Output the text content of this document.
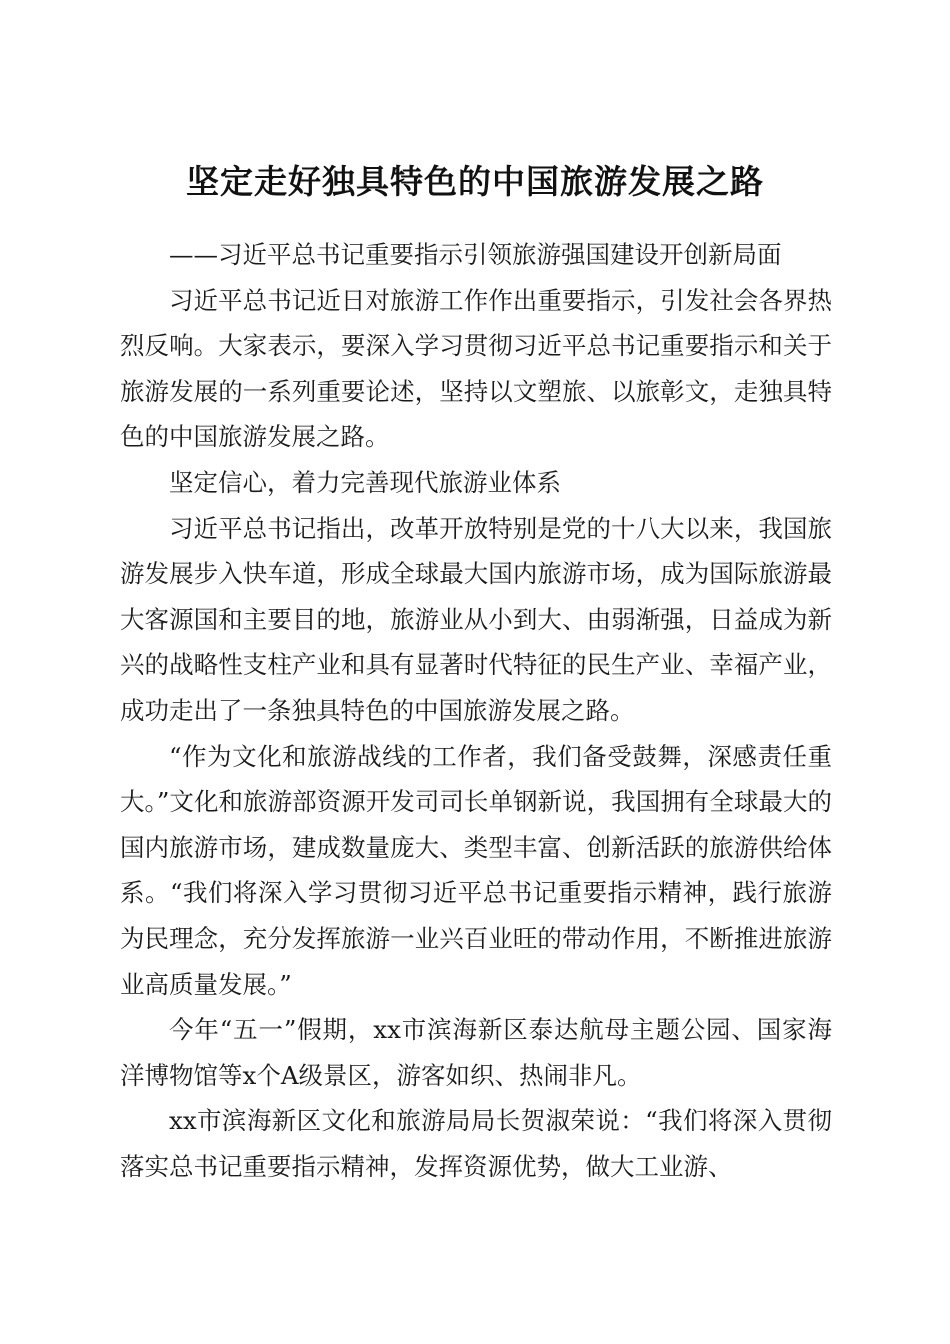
坚定走好独具特色的中国旅游发展之路

——习近平总书记重要指示引领旅游强国建设开创新局面

习近平总书记近日对旅游工作作出重要指示，引发社会各界热烈反响。大家表示，要深入学习贯彻习近平总书记重要指示和关于旅游发展的一系列重要论述，坚持以文塑旅、以旅彰文，走独具特色的中国旅游发展之路。

坚定信心，着力完善现代旅游业体系

习近平总书记指出，改革开放特别是党的十八大以来，我国旅游发展步入快车道，形成全球最大国内旅游市场，成为国际旅游最大客源国和主要目的地，旅游业从小到大、由弱渐强，日益成为新兴的战略性支柱产业和具有显著时代特征的民生产业、幸福产业，成功走出了一条独具特色的中国旅游发展之路。

“作为文化和旅游战线的工作者，我们备受鼓舞，深感责任重大。”文化和旅游部资源开发司司长单钢新说，我国拥有全球最大的国内旅游市场，建成数量庞大、类型丰富、创新活跃的旅游供给体系。“我们将深入学习贯彻习近平总书记重要指示精神，践行旅游为民理念，充分发挥旅游一业兴百业旺的带动作用，不断推进旅游业高质量发展。”

今年“五一”假期，xx市滨海新区泰达航母主题公园、国家海洋博物馆等x个A级景区，游客如织、热闹非凡。

xx市滨海新区文化和旅游局局长贺淑荣说：“我们将深入贯彻落实总书记重要指示精神，发挥资源优势，做大工业游、
